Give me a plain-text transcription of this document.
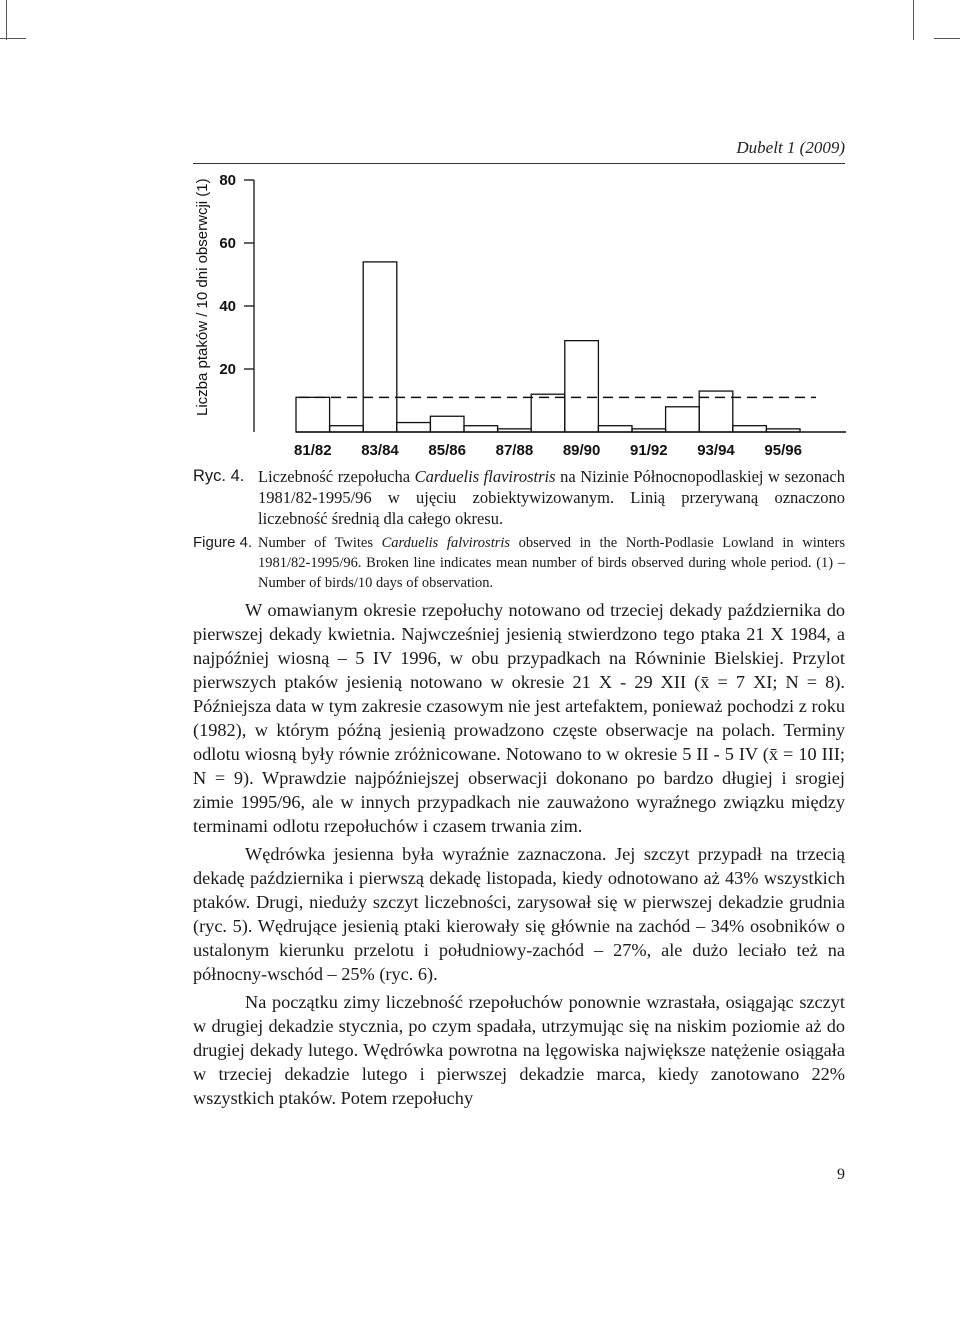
Dubelt 1 (2009)
Liczba ptaków / 10 dni obserwcji (1) 20
40
60
80
81/82 83/84 85/86 87/88 89/90 91/92 93/94 95/96
Ryc. 4. Liczebność rzepołucha Carduelis flavirostris na Nizinie Północnopodlaskiej w sezonach 1981/82-1995/96 w ujęciu zobiektywizowanym. Linią przerywaną oznaczono liczebność średnią dla całego okresu.
Figure 4. Number of Twites Carduelis falvirostris observed in the North-Podlasie Lowland in winters 1981/82-1995/96. Broken line indicates mean number of birds observed during whole period. (1) – Number of birds/10 days of observation.

W omawianym okresie rzepołuchy notowano od trzeciej dekady października do pierwszej dekady kwietnia. Najwcześniej jesienią stwierdzono tego ptaka 21 X 1984, a najpóźniej wiosną – 5 IV 1996, w obu przypadkach na Równinie Bielskiej. Przylot pierwszych ptaków jesienią notowano w okresie 21 X - 29 XII (x̄ = 7 XI; N = 8). Późniejsza data w tym zakresie czasowym nie jest artefaktem, ponieważ pochodzi z roku (1982), w którym późną jesienią prowadzono częste obserwacje na polach. Terminy odlotu wiosną były równie zróżnicowane. Notowano to w okresie 5 II - 5 IV (x̄ = 10 III; N = 9). Wprawdzie najpóźniejszej obserwacji dokonano po bardzo długiej i srogiej zimie 1995/96, ale w innych przypadkach nie zauważono wyraźnego związku między terminami odlotu rzepołuchów i czasem trwania zim.

Wędrówka jesienna była wyraźnie zaznaczona. Jej szczyt przypadł na trzecią dekadę października i pierwszą dekadę listopada, kiedy odnotowano aż 43% wszystkich ptaków. Drugi, nieduży szczyt liczebności, zarysował się w pierwszej dekadzie grudnia (ryc. 5). Wędrujące jesienią ptaki kierowały się głównie na zachód – 34% osobników o ustalonym kierunku przelotu i południowy-zachód – 27%, ale dużo leciało też na północny-wschód – 25% (ryc. 6).

Na początku zimy liczebność rzepołuchów ponownie wzrastała, osiągając szczyt w drugiej dekadzie stycznia, po czym spadała, utrzymując się na niskim poziomie aż do drugiej dekady lutego. Wędrówka powrotna na lęgowiska największe natężenie osiągała w trzeciej dekadzie lutego i pierwszej dekadzie marca, kiedy zanotowano 22% wszystkich ptaków. Potem rzepołuchy

9
